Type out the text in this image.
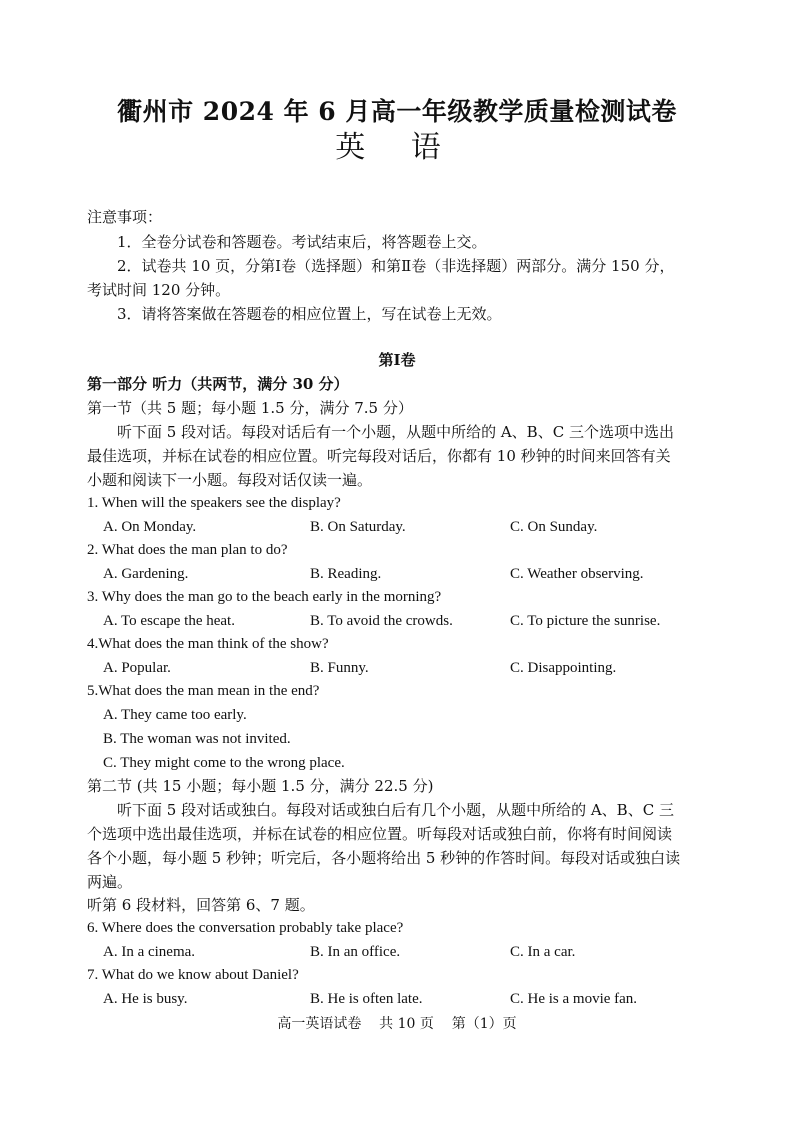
衢州市 2024 年 6 月高一年级教学质量检测试卷
英 语
注意事项：
1．全卷分试卷和答题卷。考试结束后，将答题卷上交。
2．试卷共 10 页，分第Ⅰ卷（选择题）和第Ⅱ卷（非选择题）两部分。满分 150 分，
考试时间 120 分钟。
3．请将答案做在答题卷的相应位置上，写在试卷上无效。
第Ⅰ卷
第一部分 听力（共两节，满分 30 分）
第一节（共 5 题；每小题 1.5 分，满分 7.5 分）
听下面 5 段对话。每段对话后有一个小题，从题中所给的 A、B、C 三个选项中选出
最佳选项，并标在试卷的相应位置。听完每段对话后，你都有 10 秒钟的时间来回答有关
小题和阅读下一小题。每段对话仅读一遍。
1. When will the speakers see the display?
A. On Monday.	B. On Saturday.	C. On Sunday.
2. What does the man plan to do?
A. Gardening.	B. Reading.	C. Weather observing.
3. Why does the man go to the beach early in the morning?
A. To escape the heat.	B. To avoid the crowds.	C. To picture the sunrise.
4.What does the man think of the show?
A. Popular.	B. Funny.	C. Disappointing.
5.What does the man mean in the end?
A. They came too early.
B. The woman was not invited.
C. They might come to the wrong place.
第二节 (共 15 小题；每小题 1.5 分，满分 22.5 分)
听下面 5 段对话或独白。每段对话或独白后有几个小题，从题中所给的 A、B、C 三
个选项中选出最佳选项，并标在试卷的相应位置。听每段对话或独白前，你将有时间阅读
各个小题，每小题 5 秒钟；听完后，各小题将给出 5 秒钟的作答时间。每段对话或独白读
两遍。
听第 6 段材料，回答第 6、7 题。
6. Where does the conversation probably take place?
A. In a cinema.	B. In an office.	C. In a car.
7. What do we know about Daniel?
A. He is busy.	B. He is often late.	C. He is a movie fan.
高一英语试卷    共 10 页    第（1）页
